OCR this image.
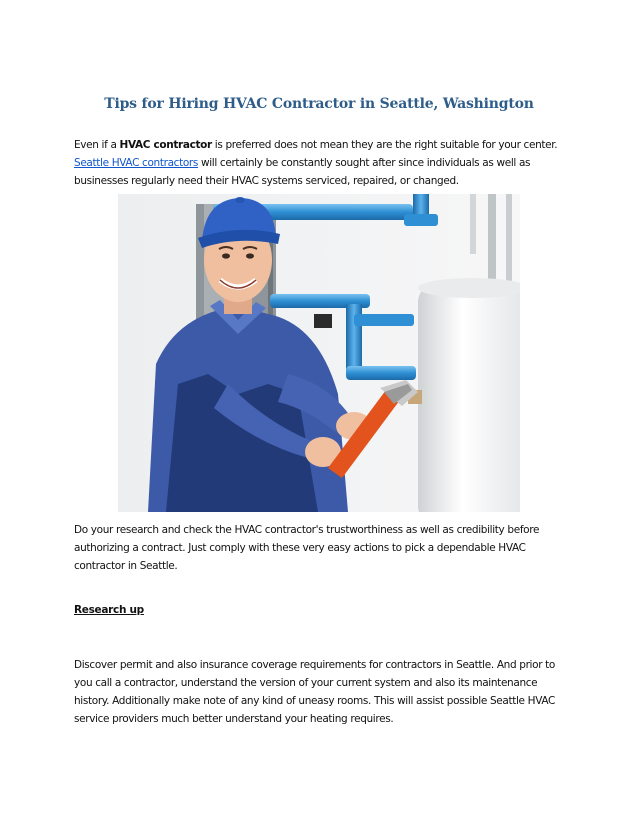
Tips for Hiring HVAC Contractor in Seattle, Washington
Even if a HVAC contractor is preferred does not mean they are the right suitable for your center.
Seattle HVAC contractors will certainly be constantly sought after since individuals as well as businesses regularly need their HVAC systems serviced, repaired, or changed.
Do your research and check the HVAC contractor's trustworthiness as well as credibility before authorizing a contract. Just comply with these very easy actions to pick a dependable HVAC contractor in Seattle.
Research up
Discover permit and also insurance coverage requirements for contractors in Seattle. And prior to you call a contractor, understand the version of your current system and also its maintenance history. Additionally make note of any kind of uneasy rooms. This will assist possible Seattle HVAC service providers much better understand your heating requires.
